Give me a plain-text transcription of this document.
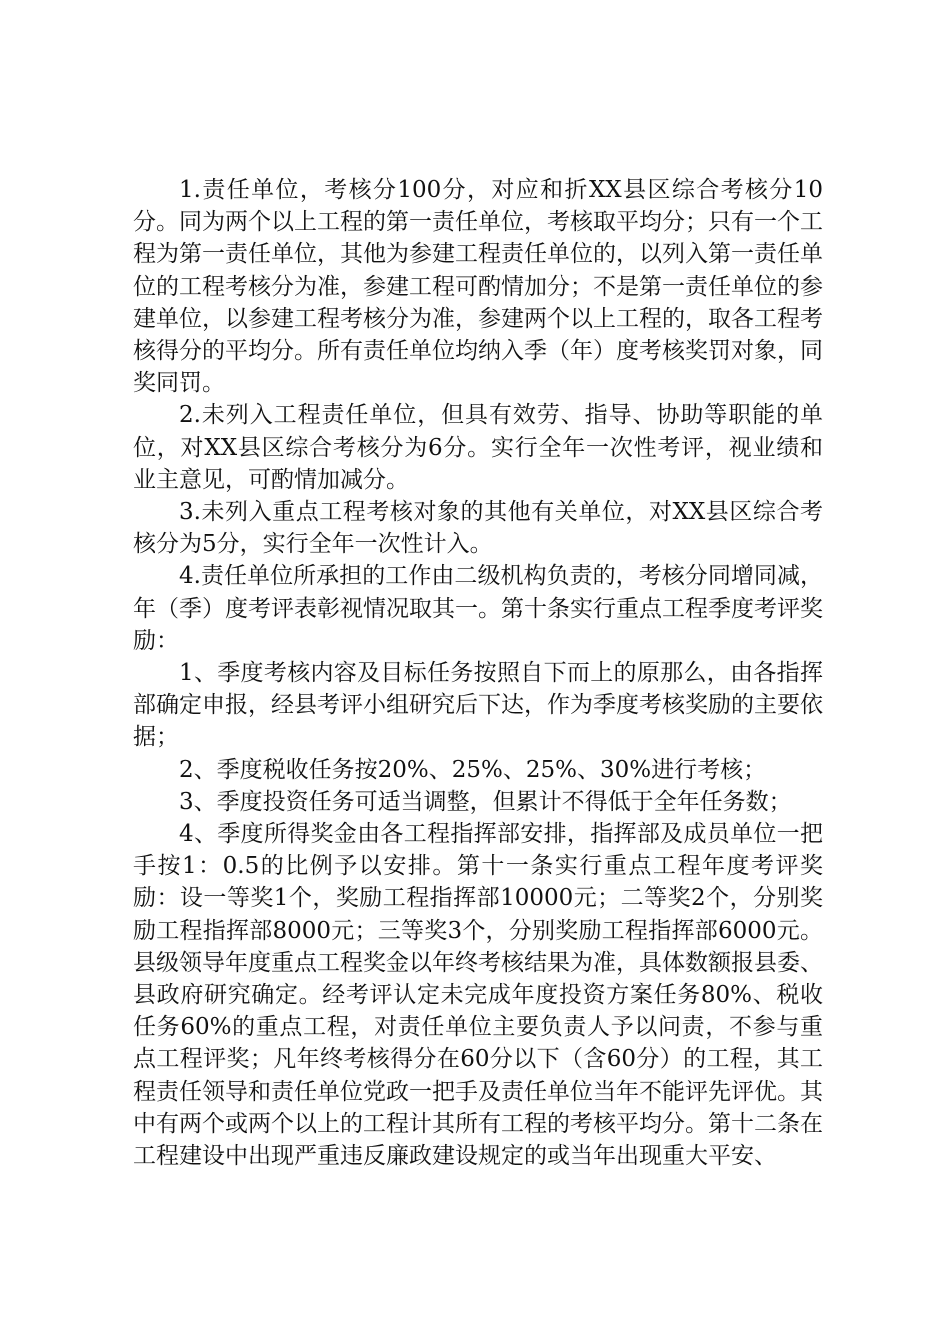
1.责任单位，考核分100分，对应和折XX县区综合考核分10分。同为两个以上工程的第一责任单位，考核取平均分；只有一个工程为第一责任单位，其他为参建工程责任单位的，以列入第一责任单位的工程考核分为准，参建工程可酌情加分；不是第一责任单位的参建单位，以参建工程考核分为准，参建两个以上工程的，取各工程考核得分的平均分。所有责任单位均纳入季（年）度考核奖罚对象，同奖同罚。

2.未列入工程责任单位，但具有效劳、指导、协助等职能的单位，对XX县区综合考核分为6分。实行全年一次性考评，视业绩和业主意见，可酌情加减分。

3.未列入重点工程考核对象的其他有关单位，对XX县区综合考核分为5分，实行全年一次性计入。

4.责任单位所承担的工作由二级机构负责的，考核分同增同减，年（季）度考评表彰视情况取其一。第十条实行重点工程季度考评奖励：

1、季度考核内容及目标任务按照自下而上的原那么，由各指挥部确定申报，经县考评小组研究后下达，作为季度考核奖励的主要依据；

2、季度税收任务按20%、25%、25%、30%进行考核；

3、季度投资任务可适当调整，但累计不得低于全年任务数；

4、季度所得奖金由各工程指挥部安排，指挥部及成员单位一把手按1：0.5的比例予以安排。第十一条实行重点工程年度考评奖励：设一等奖1个，奖励工程指挥部10000元；二等奖2个，分别奖励工程指挥部8000元；三等奖3个，分别奖励工程指挥部6000元。县级领导年度重点工程奖金以年终考核结果为准，具体数额报县委、县政府研究确定。经考评认定未完成年度投资方案任务80%、税收任务60%的重点工程，对责任单位主要负责人予以问责，不参与重点工程评奖；凡年终考核得分在60分以下（含60分）的工程，其工程责任领导和责任单位党政一把手及责任单位当年不能评先评优。其中有两个或两个以上的工程计其所有工程的考核平均分。第十二条在工程建设中出现严重违反廉政建设规定的或当年出现重大平安、
